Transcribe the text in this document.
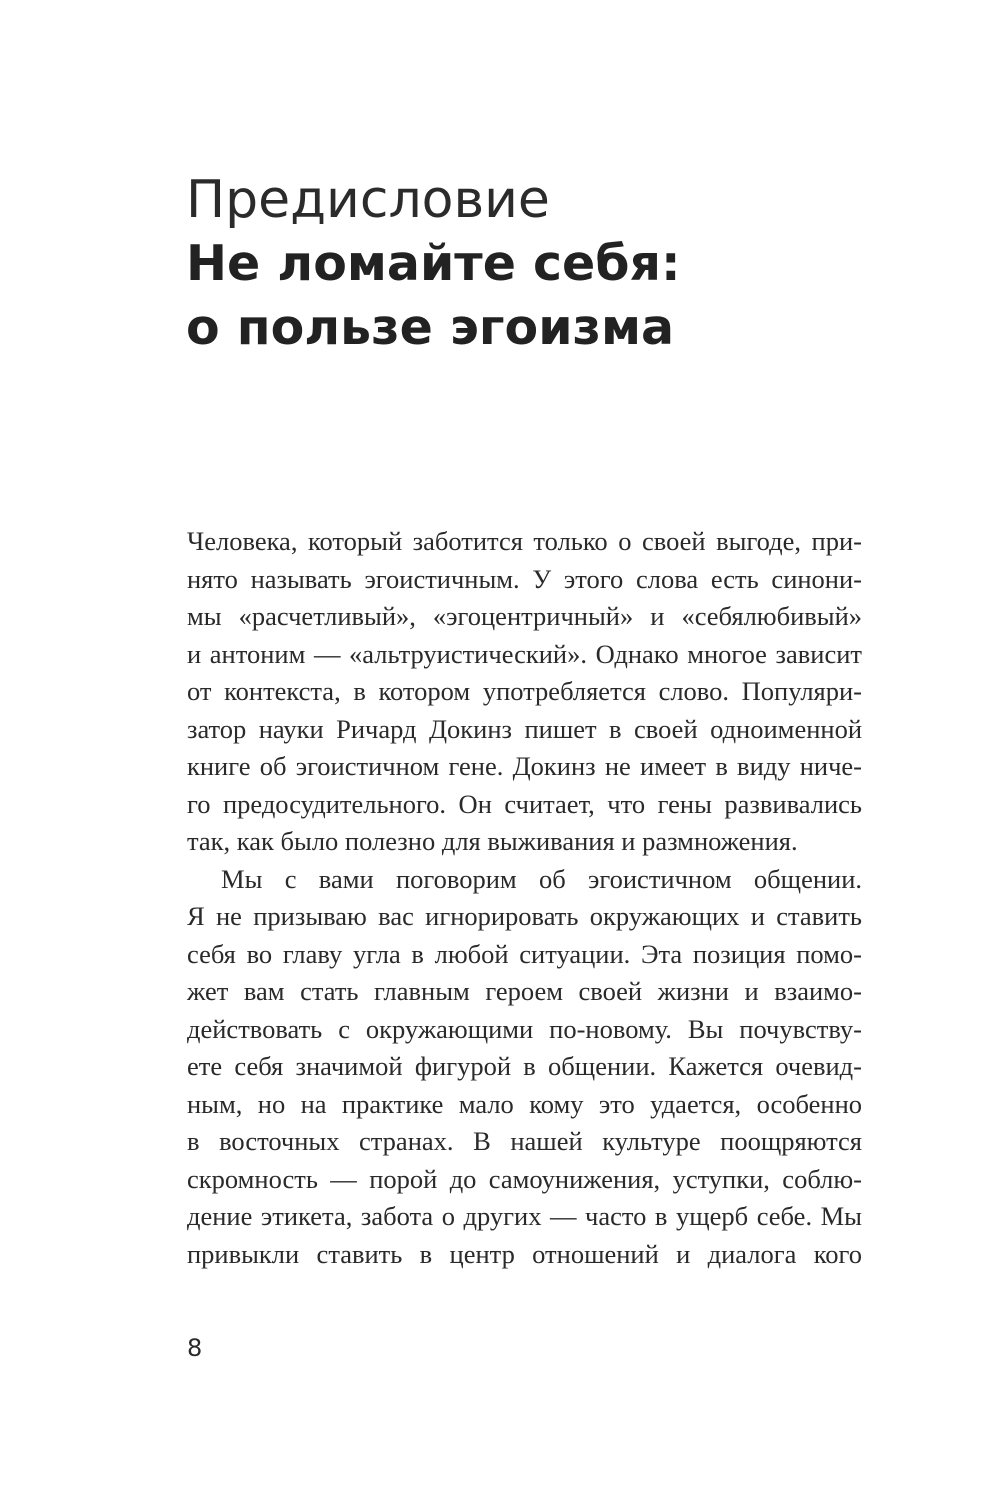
Предисловие
Не ломайте себя:
о пользе эгоизма
Человека, который заботится только о своей выгоде, при-
нято называть эгоистичным. У этого слова есть синони-
мы «расчетливый», «эгоцентричный» и «себялюбивый»
и антоним — «альтруистический». Однако многое зависит
от контекста, в котором употребляется слово. Популяри-
затор науки Ричард Докинз пишет в своей одноименной
книге об эгоистичном гене. Докинз не имеет в виду ниче-
го предосудительного. Он считает, что гены развивались
так, как было полезно для выживания и размножения.
Мы с вами поговорим об эгоистичном общении.
Я не призываю вас игнорировать окружающих и ставить
себя во главу угла в любой ситуации. Эта позиция помо-
жет вам стать главным героем своей жизни и взаимо-
действовать с окружающими по-новому. Вы почувству-
ете себя значимой фигурой в общении. Кажется очевид-
ным, но на практике мало кому это удается, особенно
в восточных странах. В нашей культуре поощряются
скромность — порой до самоунижения, уступки, соблю-
дение этикета, забота о других — часто в ущерб себе. Мы
привыкли ставить в центр отношений и диалога кого
8
